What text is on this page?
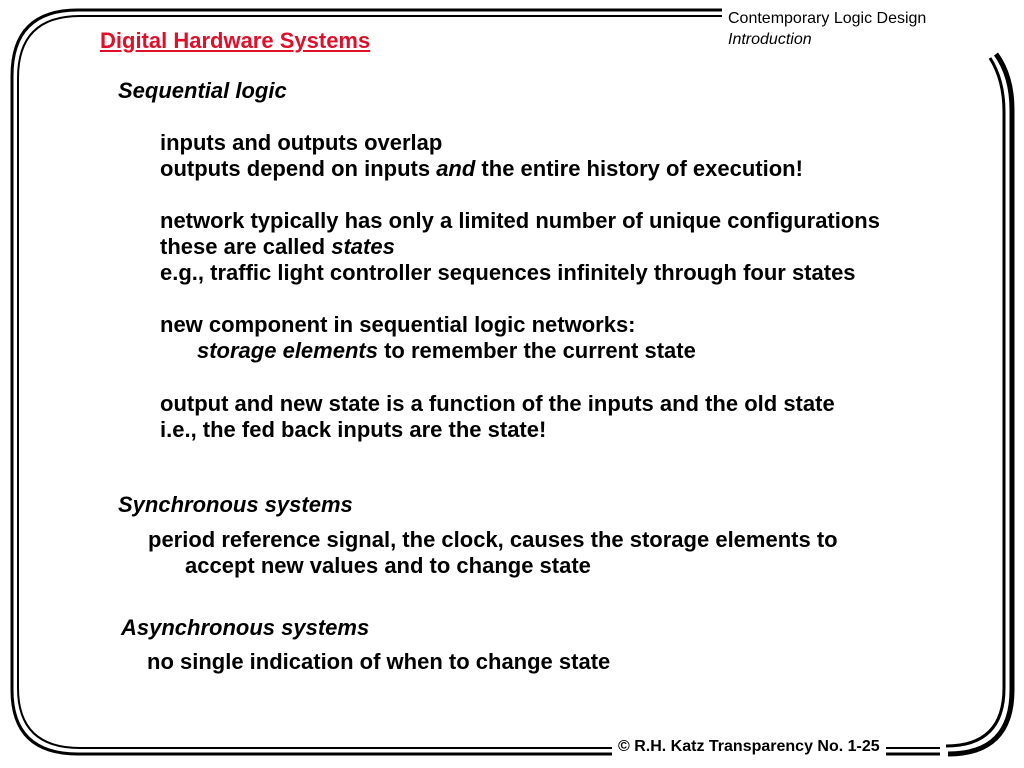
Contemporary Logic Design
Introduction
Digital Hardware Systems
Sequential logic
inputs and outputs overlap
outputs depend on inputs and the entire history of execution!
network typically has only a limited number of unique configurations
these are called states
e.g., traffic light controller sequences infinitely through four states
new component in sequential logic networks:
storage elements to remember the current state
output and new state is a function of the inputs and the old state
i.e., the fed back inputs are the state!
Synchronous systems
period reference signal, the clock, causes the storage elements to
accept new values and to change state
Asynchronous systems
no single indication of when to change state
© R.H. Katz Transparency No. 1-25
